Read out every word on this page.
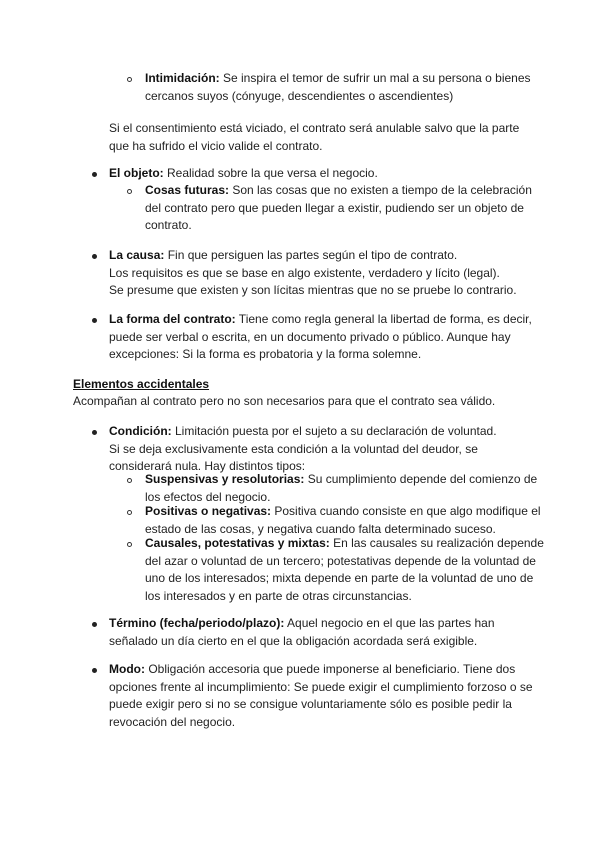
Intimidación: Se inspira el temor de sufrir un mal a su persona o bienes cercanos suyos (cónyuge, descendientes o ascendientes)
Si el consentimiento está viciado, el contrato será anulable salvo que la parte que ha sufrido el vicio valide el contrato.
El objeto: Realidad sobre la que versa el negocio.
Cosas futuras: Son las cosas que no existen a tiempo de la celebración del contrato pero que pueden llegar a existir, pudiendo ser un objeto de contrato.

La causa: Fin que persiguen las partes según el tipo de contrato.

Los requisitos es que se base en algo existente, verdadero y lícito (legal).

Se presume que existen y son lícitas mientras que no se pruebe lo contrario.

La forma del contrato: Tiene como regla general la libertad de forma, es decir, puede ser verbal o escrita, en un documento privado o público. Aunque hay excepciones: Si la forma es probatoria y la forma solemne.
Elementos accidentales
Acompañan al contrato pero no son necesarios para que el contrato sea válido.

Condición: Limitación puesta por el sujeto a su declaración de voluntad.

Si se deja exclusivamente esta condición a la voluntad del deudor, se considerará nula. Hay distintos tipos:

Suspensivas y resolutorias: Su cumplimiento depende del comienzo de los efectos del negocio.
Positivas o negativas: Positiva cuando consiste en que algo modifique el estado de las cosas, y negativa cuando falta determinado suceso.
Causales, potestativas y mixtas: En las causales su realización depende del azar o voluntad de un tercero; potestativas depende de la voluntad de uno de los interesados; mixta depende en parte de la voluntad de uno de los interesados y en parte de otras circunstancias.
Término (fecha/periodo/plazo): Aquel negocio en el que las partes han señalado un día cierto en el que la obligación acordada será exigible.
Modo: Obligación accesoria que puede imponerse al beneficiario. Tiene dos opciones frente al incumplimiento: Se puede exigir el cumplimiento forzoso o se puede exigir pero si no se consigue voluntariamente sólo es posible pedir la revocación del negocio.
